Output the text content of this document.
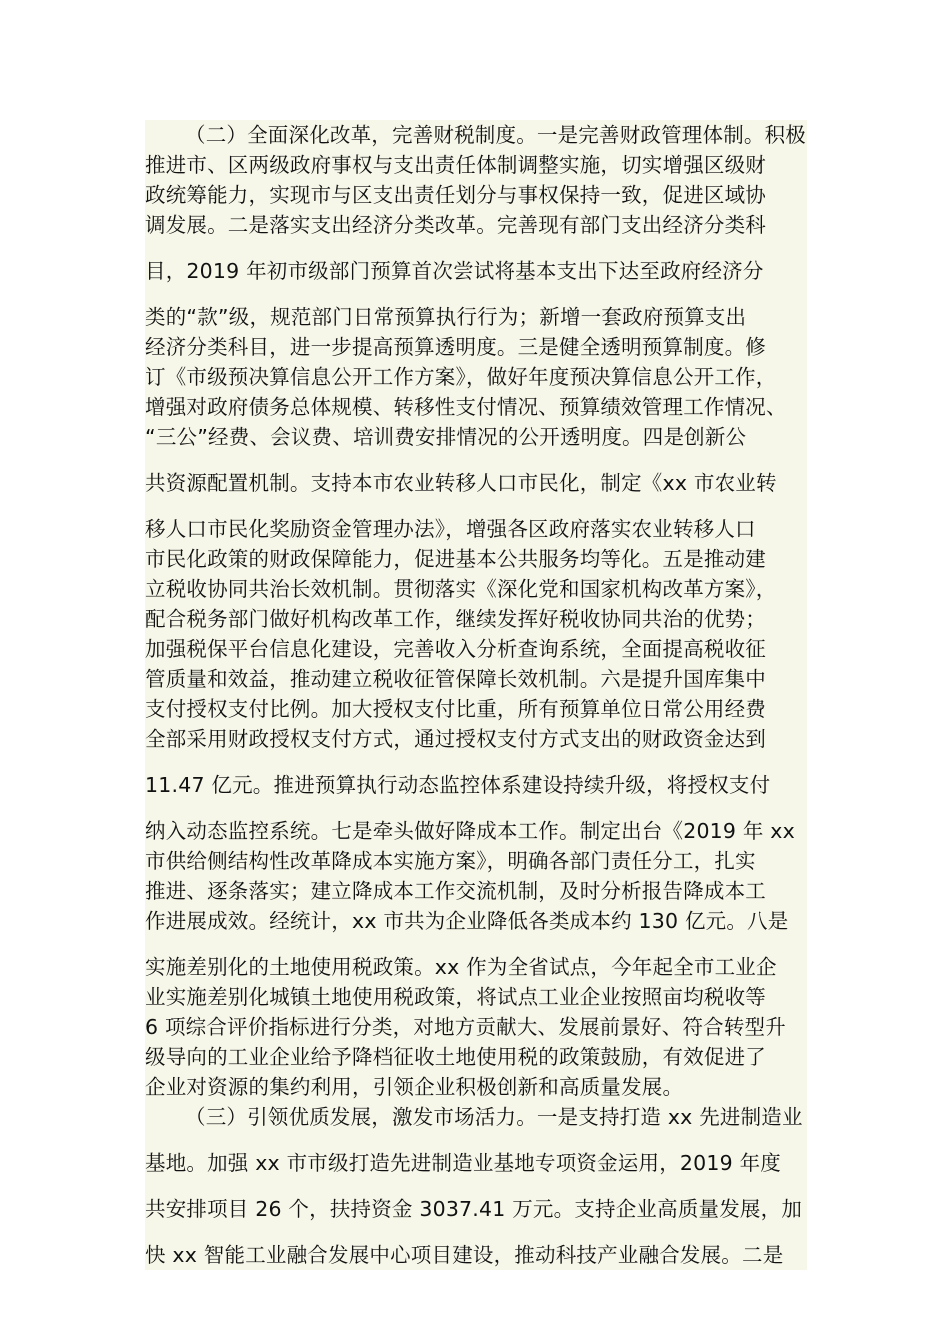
（二）全面深化改革，完善财税制度。一是完善财政管理体制。积极
推进市、区两级政府事权与支出责任体制调整实施，切实增强区级财
政统筹能力，实现市与区支出责任划分与事权保持一致，促进区域协
调发展。二是落实支出经济分类改革。完善现有部门支出经济分类科
目，2019 年初市级部门预算首次尝试将基本支出下达至政府经济分
类的“款”级，规范部门日常预算执行行为；新增一套政府预算支出
经济分类科目，进一步提高预算透明度。三是健全透明预算制度。修
订《市级预决算信息公开工作方案》，做好年度预决算信息公开工作，
增强对政府债务总体规模、转移性支付情况、预算绩效管理工作情况、
“三公”经费、会议费、培训费安排情况的公开透明度。四是创新公
共资源配置机制。支持本市农业转移人口市民化，制定《xx 市农业转
移人口市民化奖励资金管理办法》，增强各区政府落实农业转移人口
市民化政策的财政保障能力，促进基本公共服务均等化。五是推动建
立税收协同共治长效机制。贯彻落实《深化党和国家机构改革方案》，
配合税务部门做好机构改革工作，继续发挥好税收协同共治的优势；
加强税保平台信息化建设，完善收入分析查询系统，全面提高税收征
管质量和效益，推动建立税收征管保障长效机制。六是提升国库集中
支付授权支付比例。加大授权支付比重，所有预算单位日常公用经费
全部采用财政授权支付方式，通过授权支付方式支出的财政资金达到
11.47 亿元。推进预算执行动态监控体系建设持续升级，将授权支付
纳入动态监控系统。七是牵头做好降成本工作。制定出台《2019 年 xx
市供给侧结构性改革降成本实施方案》，明确各部门责任分工，扎实
推进、逐条落实；建立降成本工作交流机制，及时分析报告降成本工
作进展成效。经统计，xx 市共为企业降低各类成本约 130 亿元。八是
实施差别化的土地使用税政策。xx 作为全省试点，今年起全市工业企
业实施差别化城镇土地使用税政策，将试点工业企业按照亩均税收等
6 项综合评价指标进行分类，对地方贡献大、发展前景好、符合转型升
级导向的工业企业给予降档征收土地使用税的政策鼓励，有效促进了
企业对资源的集约利用，引领企业积极创新和高质量发展。
（三）引领优质发展，激发市场活力。一是支持打造 xx 先进制造业
基地。加强 xx 市市级打造先进制造业基地专项资金运用，2019 年度
共安排项目 26 个，扶持资金 3037.41 万元。支持企业高质量发展，加
快 xx 智能工业融合发展中心项目建设，推动科技产业融合发展。二是
